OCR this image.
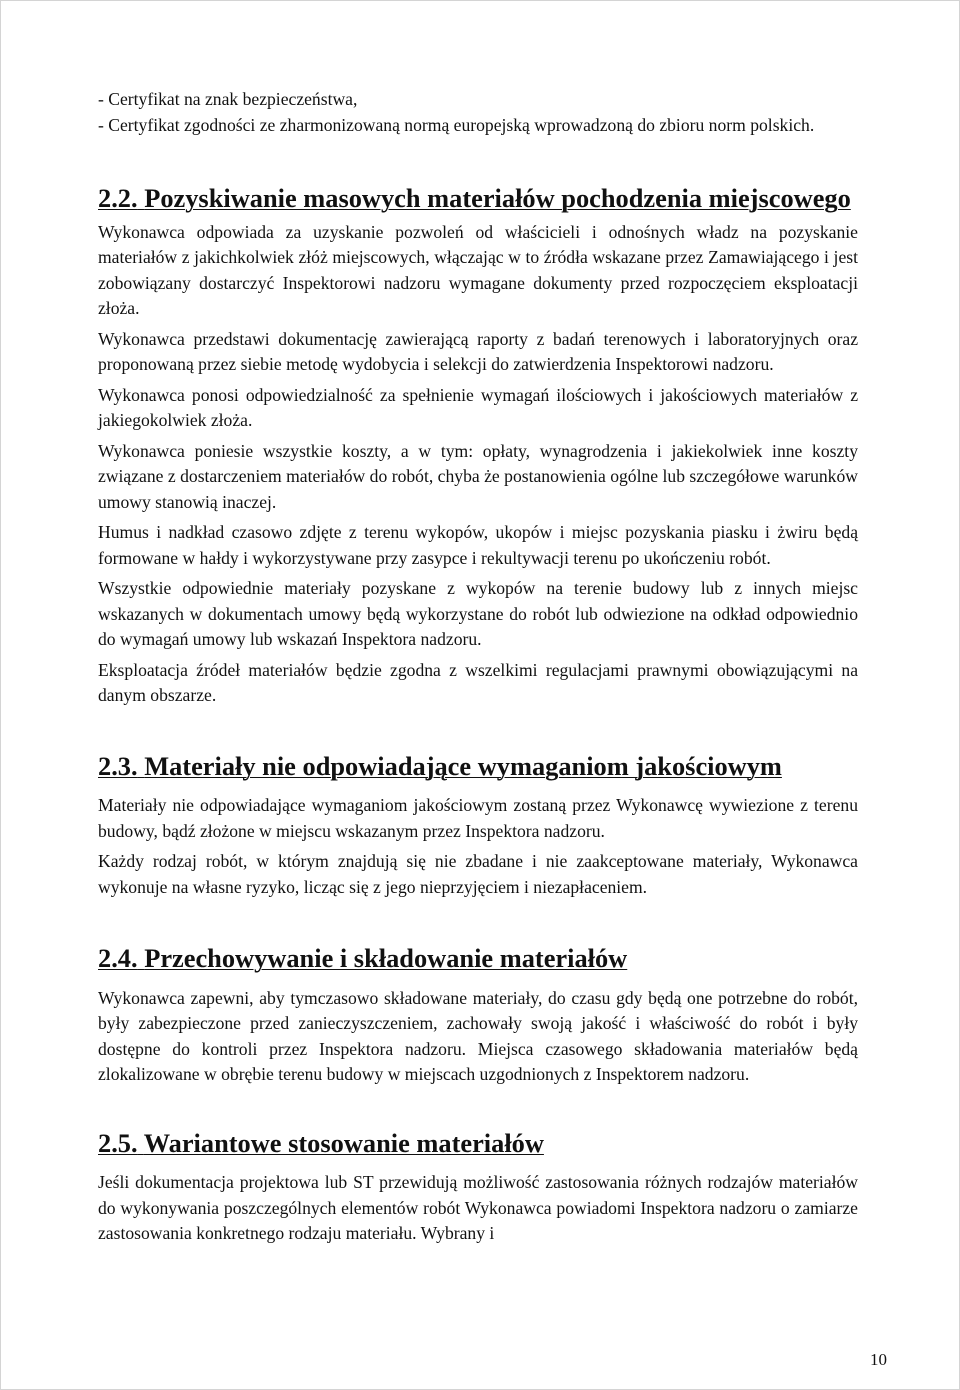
- Certyfikat na znak bezpieczeństwa,

- Certyfikat zgodności ze zharmonizowaną normą europejską wprowadzoną do zbioru norm polskich.

2.2. Pozyskiwanie masowych materiałów pochodzenia miejscowego

Wykonawca odpowiada za uzyskanie pozwoleń od właścicieli i odnośnych władz na pozyskanie materiałów z jakichkolwiek złóż miejscowych, włączając w to źródła wskazane przez Zamawiającego i jest zobowiązany dostarczyć Inspektorowi nadzoru wymagane dokumenty przed rozpoczęciem eksploatacji złoża.

Wykonawca przedstawi dokumentację zawierającą raporty z badań terenowych i laboratoryjnych oraz proponowaną przez siebie metodę wydobycia i selekcji do zatwierdzenia Inspektorowi nadzoru.

Wykonawca ponosi odpowiedzialność za spełnienie wymagań ilościowych i jakościowych materiałów z jakiegokolwiek złoża.

Wykonawca poniesie wszystkie koszty, a w tym: opłaty, wynagrodzenia i jakiekolwiek inne koszty związane z dostarczeniem materiałów do robót, chyba że postanowienia ogólne lub szczegółowe warunków umowy stanowią inaczej.

Humus i nadkład czasowo zdjęte z terenu wykopów, ukopów i miejsc pozyskania piasku i żwiru będą formowane w hałdy i wykorzystywane przy zasypce i rekultywacji terenu po ukończeniu robót.

Wszystkie odpowiednie materiały pozyskane z wykopów na terenie budowy lub z innych miejsc wskazanych w dokumentach umowy będą wykorzystane do robót lub odwiezione na odkład odpowiednio do wymagań umowy lub wskazań Inspektora nadzoru.

Eksploatacja źródeł materiałów będzie zgodna z wszelkimi regulacjami prawnymi obowiązującymi na danym obszarze.

2.3. Materiały nie odpowiadające wymaganiom jakościowym

Materiały nie odpowiadające wymaganiom jakościowym zostaną przez Wykonawcę wywiezione z terenu budowy, bądź złożone w miejscu wskazanym przez Inspektora nadzoru.

Każdy rodzaj robót, w którym znajdują się nie zbadane i nie zaakceptowane materiały, Wykonawca wykonuje na własne ryzyko, licząc się z jego nieprzyjęciem i niezapłaceniem.

2.4. Przechowywanie i składowanie materiałów

Wykonawca zapewni, aby tymczasowo składowane materiały, do czasu gdy będą one potrzebne do robót, były zabezpieczone przed zanieczyszczeniem, zachowały swoją jakość i właściwość do robót i były dostępne do kontroli przez Inspektora nadzoru. Miejsca czasowego składowania materiałów będą zlokalizowane w obrębie terenu budowy w miejscach uzgodnionych z Inspektorem nadzoru.

2.5. Wariantowe stosowanie materiałów

Jeśli dokumentacja projektowa lub ST przewidują możliwość zastosowania różnych rodzajów materiałów do wykonywania poszczególnych elementów robót Wykonawca powiadomi Inspektora nadzoru o zamiarze zastosowania konkretnego rodzaju materiału. Wybrany i

10
